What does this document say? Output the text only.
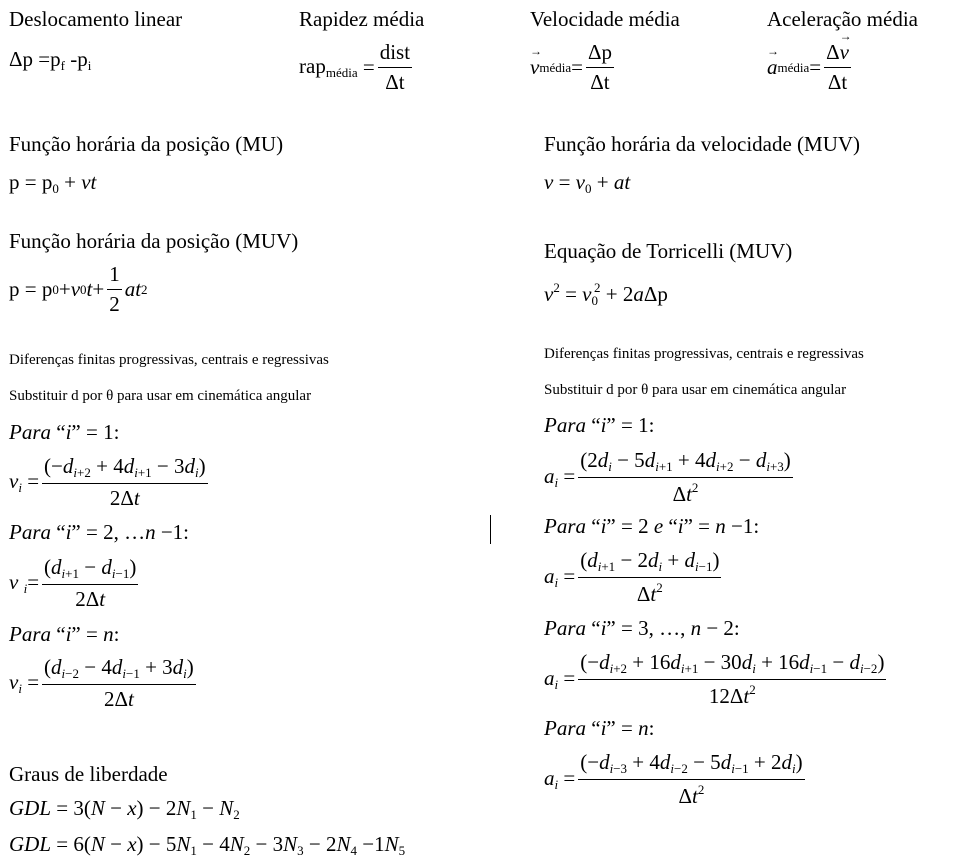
Deslocamento linear
$\Delta p =p_f$ $-p_i$
Rapidez média
$rap_{média} = \frac{\text{dist}}{\Delta t}$
Velocidade média
→ v média = $\frac{\Delta p}{\Delta t}$
Aceleração média
→ a média = $\frac{\Delta\to v}{\Delta t}$
Função horária da posição (MU)
$p = p_0$ + vt
Função horária da velocidade (MUV)
$v = v_0$ + at
Função horária da posição (MUV)
p = p 0 + v 0 $t + \frac{1}{2}$ at 2
Equação de Torricelli (MUV)
$v^2 = v_0^2 + 2a\Delta p$
Diferenças finitas progressivas, centrais e regressivas
Substituir d por θ para usar em cinemática angular
Para “i” = 1:
$v_i = \frac{(-d_{i+2} + 4d_{i+1} - 3d_i)}{2\Delta t}$
Para “i” = 2, …n −1:
v $_i= \frac{(d_{i+1} - d_{i-1})}{2\Delta t}$
Para “i” = n:
$v_i = \frac{(d_{i-2} - 4d_{i-1} + 3d_i)}{2\Delta t}$
Graus de liberdade
GDL = $3(N - x) - 2N_1 - N_2$
GDL = $6(N - x) - 5N_1 - 4N_2 - 3N_3 - 2N_4 -1N_5$
Diferenças finitas progressivas, centrais e regressivas
Substituir d por θ para usar em cinemática angular
Para “i” = 1:
$a_i = \frac{(2d_i - 5d_{i+1} + 4d_{i+2} - d_{i+3})}{\Delta t^2}$
Para “i” = 2 e “i” = n −1:
$a_i = \frac{(d_{i+1} - 2d_i + d_{i-1})}{\Delta t^2}$
Para “i” = 3, …, n − 2:
$a_i = \frac{(-d_{i+2} + 16d_{i+1} - 30d_i + 16d_{i-1} - d_{i-2})}{12\Delta t^2}$
Para “i” = n:
$a_i = \frac{(-d_{i-3} + 4d_{i-2} - 5d_{i-1} + 2d_i)}{\Delta t^2}$
